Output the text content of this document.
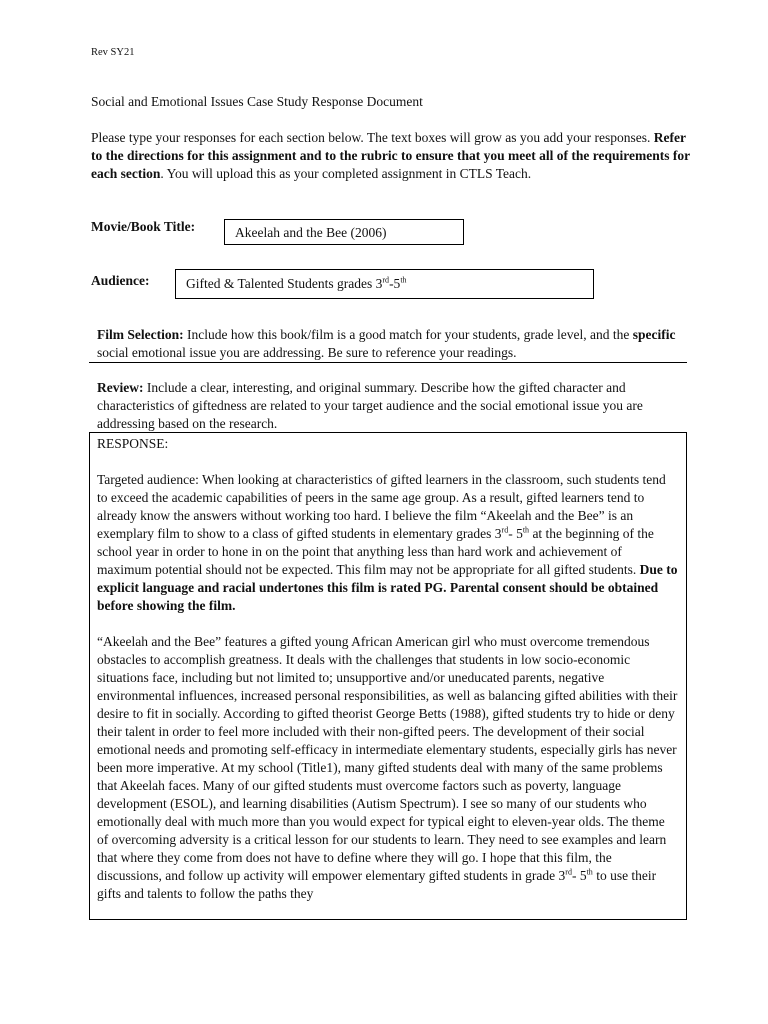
Rev SY21
Social and Emotional Issues Case Study Response Document
Please type your responses for each section below. The text boxes will grow as you add your responses. Refer to the directions for this assignment and to the rubric to ensure that you meet all of the requirements for each section. You will upload this as your completed assignment in CTLS Teach.
Movie/Book Title:	Akeelah and the Bee (2006)
Audience:	Gifted & Talented Students grades 3rd-5th
Film Selection: Include how this book/film is a good match for your students, grade level, and the specific social emotional issue you are addressing. Be sure to reference your readings.
Review: Include a clear, interesting, and original summary. Describe how the gifted character and characteristics of giftedness are related to your target audience and the social emotional issue you are addressing based on the research.
RESPONSE:

Targeted audience: When looking at characteristics of gifted learners in the classroom, such students tend to exceed the academic capabilities of peers in the same age group. As a result, gifted learners tend to already know the answers without working too hard. I believe the film “Akeelah and the Bee” is an exemplary film to show to a class of gifted students in elementary grades 3rd- 5th at the beginning of the school year in order to hone in on the point that anything less than hard work and achievement of maximum potential should not be expected. This film may not be appropriate for all gifted students. Due to explicit language and racial undertones this film is rated PG. Parental consent should be obtained before showing the film.

“Akeelah and the Bee” features a gifted young African American girl who must overcome tremendous obstacles to accomplish greatness. It deals with the challenges that students in low socio-economic situations face, including but not limited to; unsupportive and/or uneducated parents, negative environmental influences, increased personal responsibilities, as well as balancing gifted abilities with their desire to fit in socially. According to gifted theorist George Betts (1988), gifted students try to hide or deny their talent in order to feel more included with their non-gifted peers. The development of their social emotional needs and promoting self-efficacy in intermediate elementary students, especially girls has never been more imperative. At my school (Title1), many gifted students deal with many of the same problems that Akeelah faces. Many of our gifted students must overcome factors such as poverty, language development (ESOL), and learning disabilities (Autism Spectrum). I see so many of our students who emotionally deal with much more than you would expect for typical eight to eleven-year olds. The theme of overcoming adversity is a critical lesson for our students to learn. They need to see examples and learn that where they come from does not have to define where they will go. I hope that this film, the discussions, and follow up activity will empower elementary gifted students in grade 3rd- 5th to use their gifts and talents to follow the paths they
